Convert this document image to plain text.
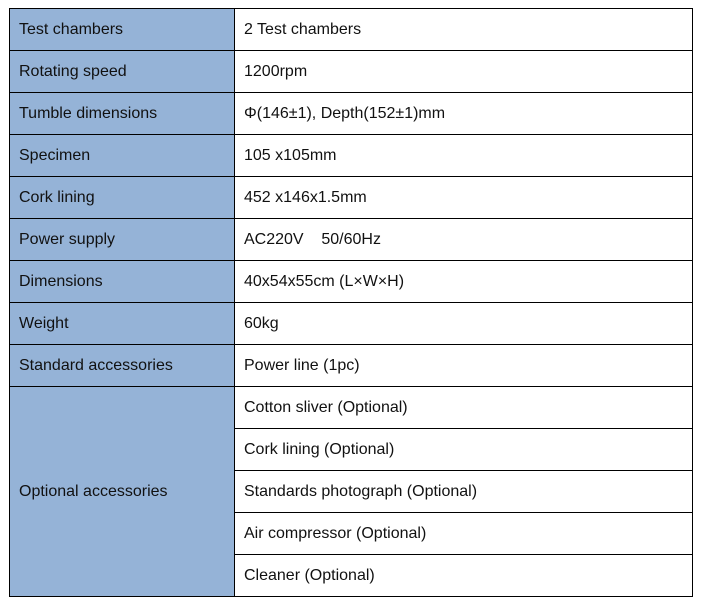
Test chambers	2 Test chambers
Rotating speed	1200rpm
Tumble dimensions	Φ(146±1), Depth(152±1)mm
Specimen	105 x105mm
Cork lining	452 x146x1.5mm
Power supply	AC220V    50/60Hz
Dimensions	40x54x55cm (L×W×H)
Weight	60kg
Standard accessories	Power line (1pc)
Optional accessories	Cotton sliver (Optional)
	Cork lining (Optional)
	Standards photograph (Optional)
	Air compressor (Optional)
	Cleaner (Optional)
